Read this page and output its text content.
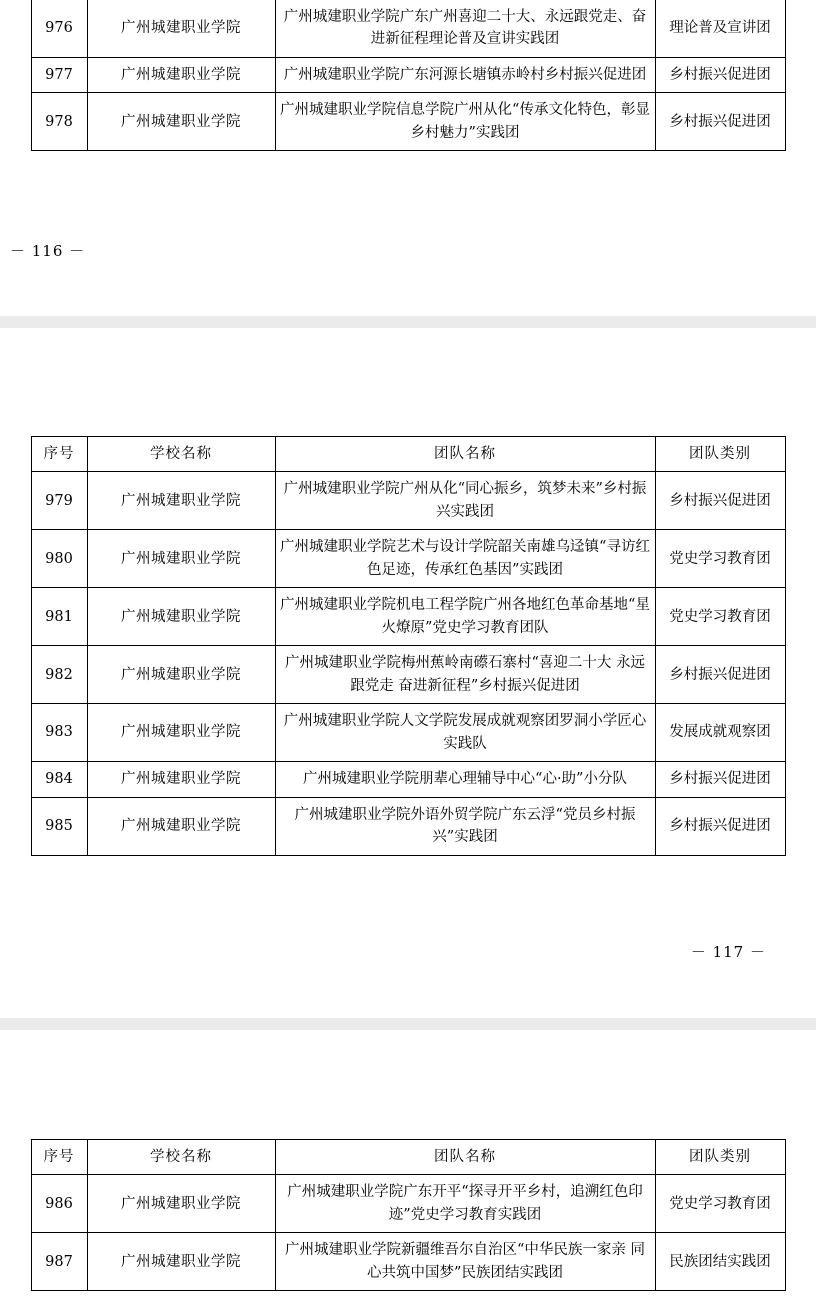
976	广州城建职业学院	广州城建职业学院广东广州喜迎二十大、永远跟党走、奋进新征程理论普及宣讲实践团	理论普及宣讲团
977	广州城建职业学院	广州城建职业学院广东河源长塘镇赤岭村乡村振兴促进团	乡村振兴促进团
978	广州城建职业学院	广州城建职业学院信息学院广州从化“传承文化特色，彰显乡村魅力”实践团	乡村振兴促进团
－ 116 －
序号	学校名称	团队名称	团队类别
979	广州城建职业学院	广州城建职业学院广州从化“同心振乡，筑梦未来”乡村振兴实践团	乡村振兴促进团
980	广州城建职业学院	广州城建职业学院艺术与设计学院韶关南雄乌迳镇“寻访红色足迹，传承红色基因”实践团	党史学习教育团
981	广州城建职业学院	广州城建职业学院机电工程学院广州各地红色革命基地“星火燎原”党史学习教育团队	党史学习教育团
982	广州城建职业学院	广州城建职业学院梅州蕉岭南礤石寨村“喜迎二十大 永远跟党走 奋进新征程”乡村振兴促进团	乡村振兴促进团
983	广州城建职业学院	广州城建职业学院人文学院发展成就观察团罗洞小学匠心实践队	发展成就观察团
984	广州城建职业学院	广州城建职业学院朋辈心理辅导中心“心·助”小分队	乡村振兴促进团
985	广州城建职业学院	广州城建职业学院外语外贸学院广东云浮“党员乡村振兴”实践团	乡村振兴促进团
－ 117 －
序号	学校名称	团队名称	团队类别
986	广州城建职业学院	广州城建职业学院广东开平“探寻开平乡村，追溯红色印迹”党史学习教育实践团	党史学习教育团
987	广州城建职业学院	广州城建职业学院新疆维吾尔自治区“中华民族一家亲 同心共筑中国梦”民族团结实践团	民族团结实践团
